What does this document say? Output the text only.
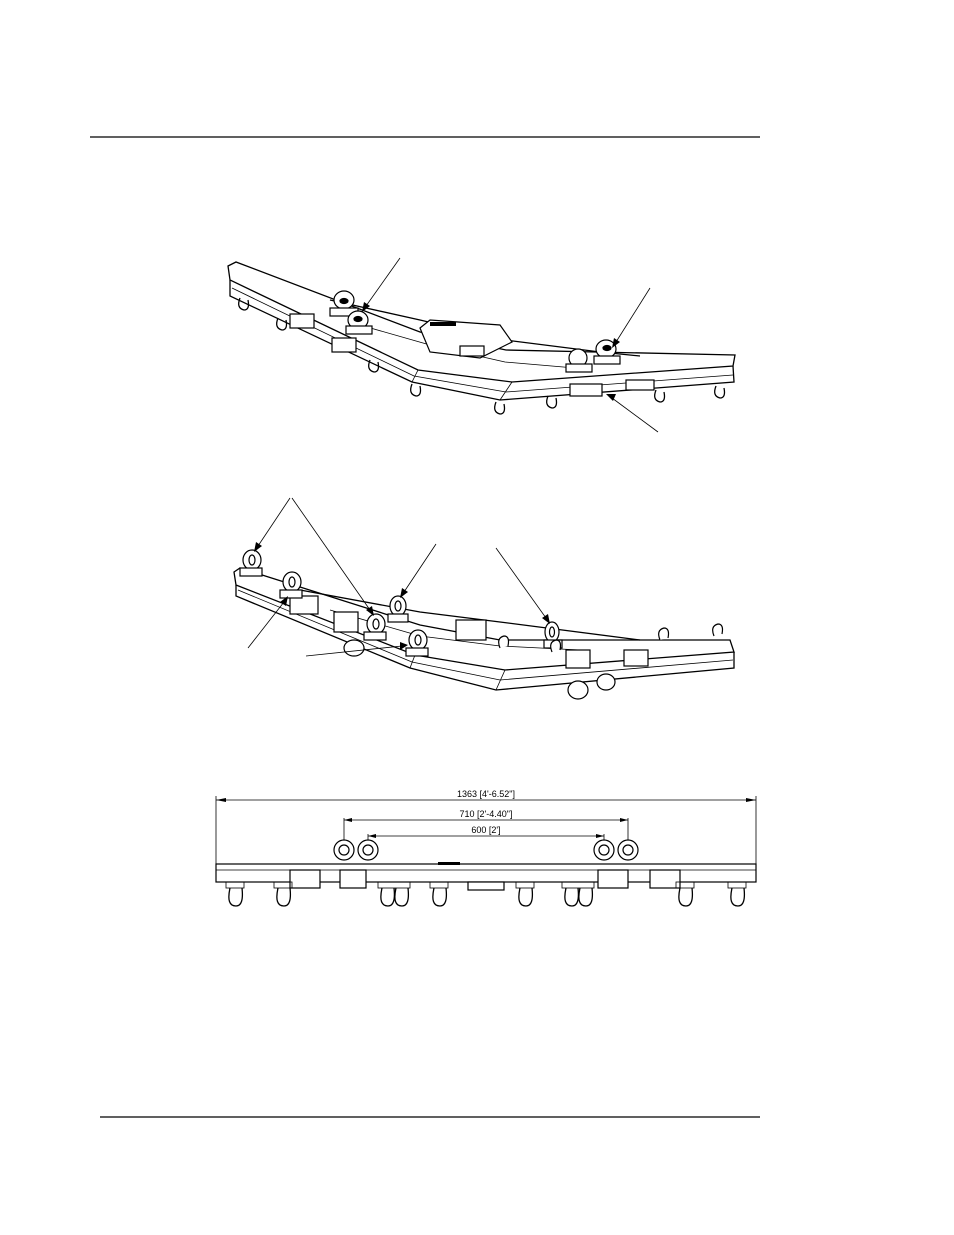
1363 [4'-6.52"]
710 [2'-4.40"]
600 [2']
